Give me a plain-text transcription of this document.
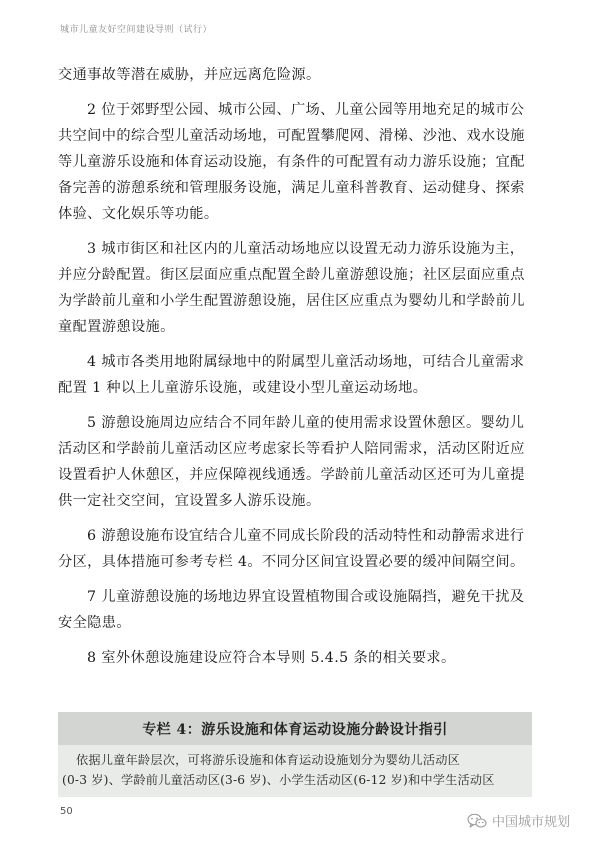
城市儿童友好空间建设导则（试行）

交通事故等潜在威胁，并应远离危险源。

2 位于郊野型公园、城市公园、广场、儿童公园等用地充足的城市公共空间中的综合型儿童活动场地，可配置攀爬网、滑梯、沙池、戏水设施等儿童游乐设施和体育运动设施，有条件的可配置有动力游乐设施；宜配备完善的游憩系统和管理服务设施，满足儿童科普教育、运动健身、探索体验、文化娱乐等功能。

3 城市街区和社区内的儿童活动场地应以设置无动力游乐设施为主，并应分龄配置。街区层面应重点配置全龄儿童游憩设施；社区层面应重点为学龄前儿童和小学生配置游憩设施，居住区应重点为婴幼儿和学龄前儿童配置游憩设施。

4 城市各类用地附属绿地中的附属型儿童活动场地，可结合儿童需求配置 1 种以上儿童游乐设施，或建设小型儿童运动场地。

5 游憩设施周边应结合不同年龄儿童的使用需求设置休憩区。婴幼儿活动区和学龄前儿童活动区应考虑家长等看护人陪同需求，活动区附近应设置看护人休憩区，并应保障视线通透。学龄前儿童活动区还可为儿童提供一定社交空间，宜设置多人游乐设施。

6 游憩设施布设宜结合儿童不同成长阶段的活动特性和动静需求进行分区，具体措施可参考专栏 4。不同分区间宜设置必要的缓冲间隔空间。

7 儿童游憩设施的场地边界宜设置植物围合或设施隔挡，避免干扰及安全隐患。

8 室外休憩设施建设应符合本导则 5.4.5 条的相关要求。

专栏 4：游乐设施和体育运动设施分龄设计指引
依据儿童年龄层次，可将游乐设施和体育运动设施划分为婴幼儿活动区
(0-3 岁)、学龄前儿童活动区(3-6 岁)、小学生活动区(6-12 岁)和中学生活动区
50
中国城市规划
